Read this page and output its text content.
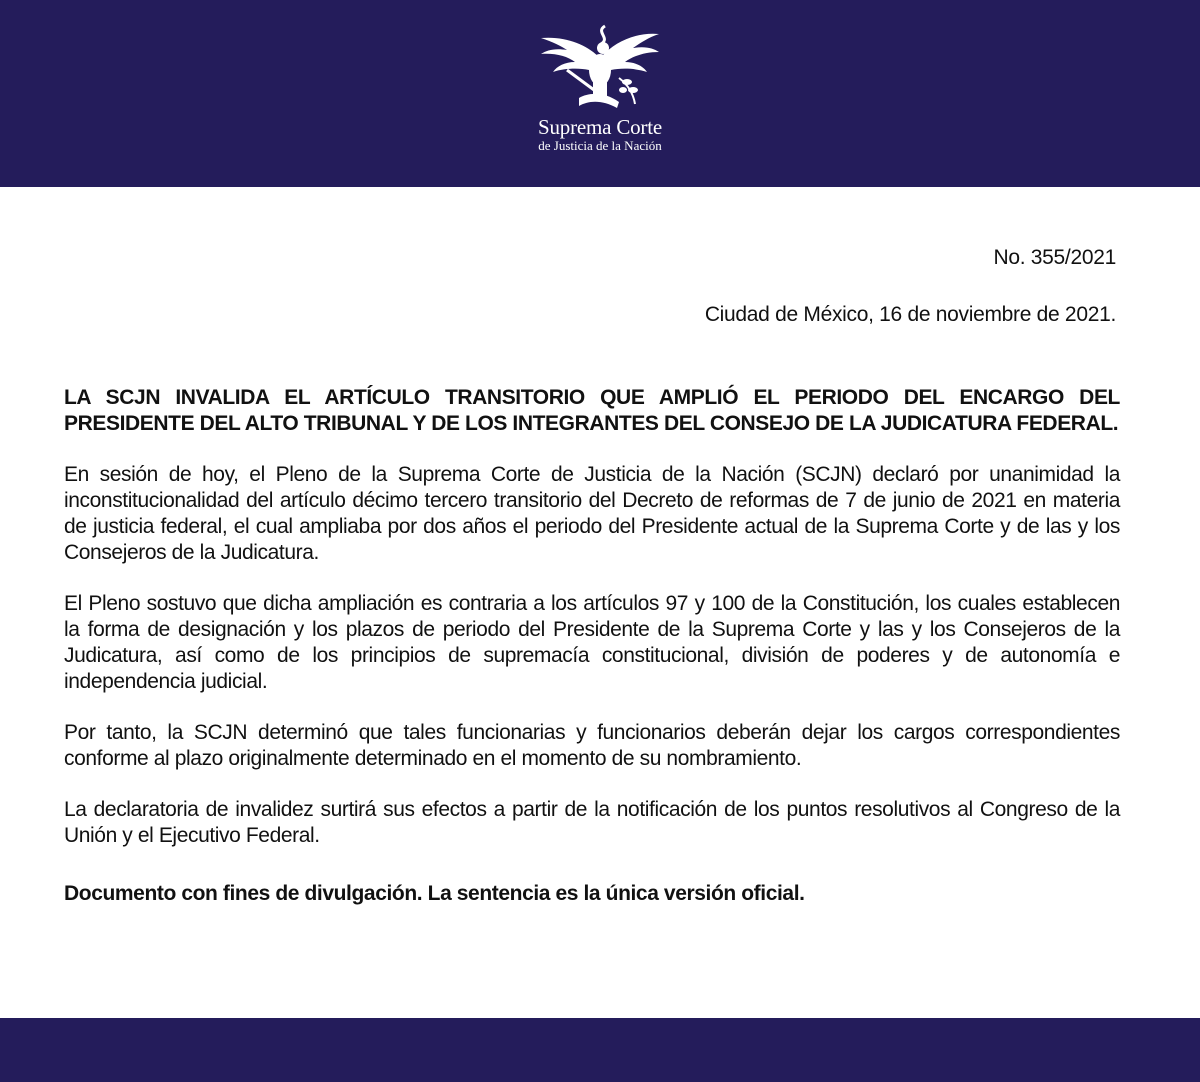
Suprema Corte
de Justicia de la Nación
No. 355/2021
Ciudad de México, 16 de noviembre de 2021.

LA SCJN INVALIDA EL ARTÍCULO TRANSITORIO QUE AMPLIÓ EL PERIODO DEL ENCARGO DEL PRESIDENTE DEL ALTO TRIBUNAL Y DE LOS INTEGRANTES DEL CONSEJO DE LA JUDICATURA FEDERAL.

En sesión de hoy, el Pleno de la Suprema Corte de Justicia de la Nación (SCJN) declaró por unanimidad la inconstitucionalidad del artículo décimo tercero transitorio del Decreto de reformas de 7 de junio de 2021 en materia de justicia federal, el cual ampliaba por dos años el periodo del Presidente actual de la Suprema Corte y de las y los Consejeros de la Judicatura.

El Pleno sostuvo que dicha ampliación es contraria a los artículos 97 y 100 de la Constitución, los cuales establecen la forma de designación y los plazos de periodo del Presidente de la Suprema Corte y las y los Consejeros de la Judicatura, así como de los principios de supremacía constitucional, división de poderes y de autonomía e independencia judicial.

Por tanto, la SCJN determinó que tales funcionarias y funcionarios deberán dejar los cargos correspondientes conforme al plazo originalmente determinado en el momento de su nombramiento.

La declaratoria de invalidez surtirá sus efectos a partir de la notificación de los puntos resolutivos al Congreso de la Unión y el Ejecutivo Federal.

Documento con fines de divulgación. La sentencia es la única versión oficial.
